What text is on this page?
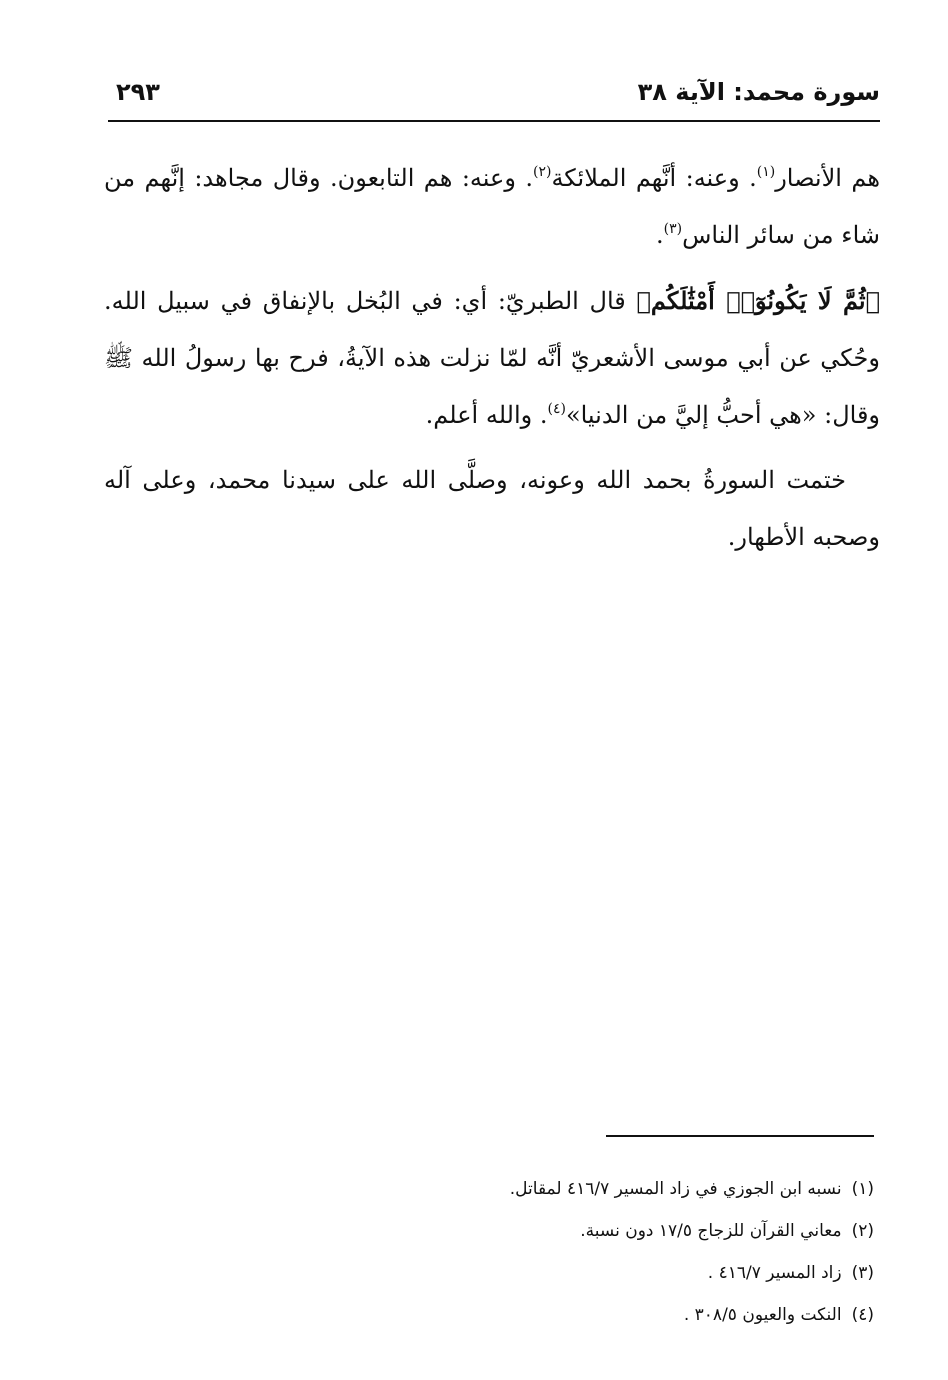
سورة محمد: الآية ٣٨
٢٩٣

هم الأنصار$^{(١)}$. وعنه: أنَّهم الملائكة$^{(٢)}$. وعنه: هم التابعون. وقال مجاهد: إنَّهم من شاء من سائر الناس$^{(٣)}$.

﴿ثُمَّ لَا يَكُونُوٓا۟ أَمْثَٰلَكُم﴾ قال الطبريّ: أي: في البُخل بالإنفاق في سبيل الله. وحُكي عن أبي موسى الأشعريّ أنَّه لمّا نزلت هذه الآيةُ، فرح بها رسولُ الله ﷺ وقال: «هي أحبُّ إليَّ من الدنيا»$^{(٤)}$. والله أعلم.

ختمت السورةُ بحمد الله وعونه، وصلَّى الله على سيدنا محمد، وعلى آله وصحبه الأطهار.

(١)
نسبه ابن الجوزي في زاد المسير ٤١٦/٧ لمقاتل.
(٢)
معاني القرآن للزجاج ١٧/٥ دون نسبة.
(٣)
زاد المسير ٤١٦/٧ .
(٤)
النكت والعيون ٣٠٨/٥ .
